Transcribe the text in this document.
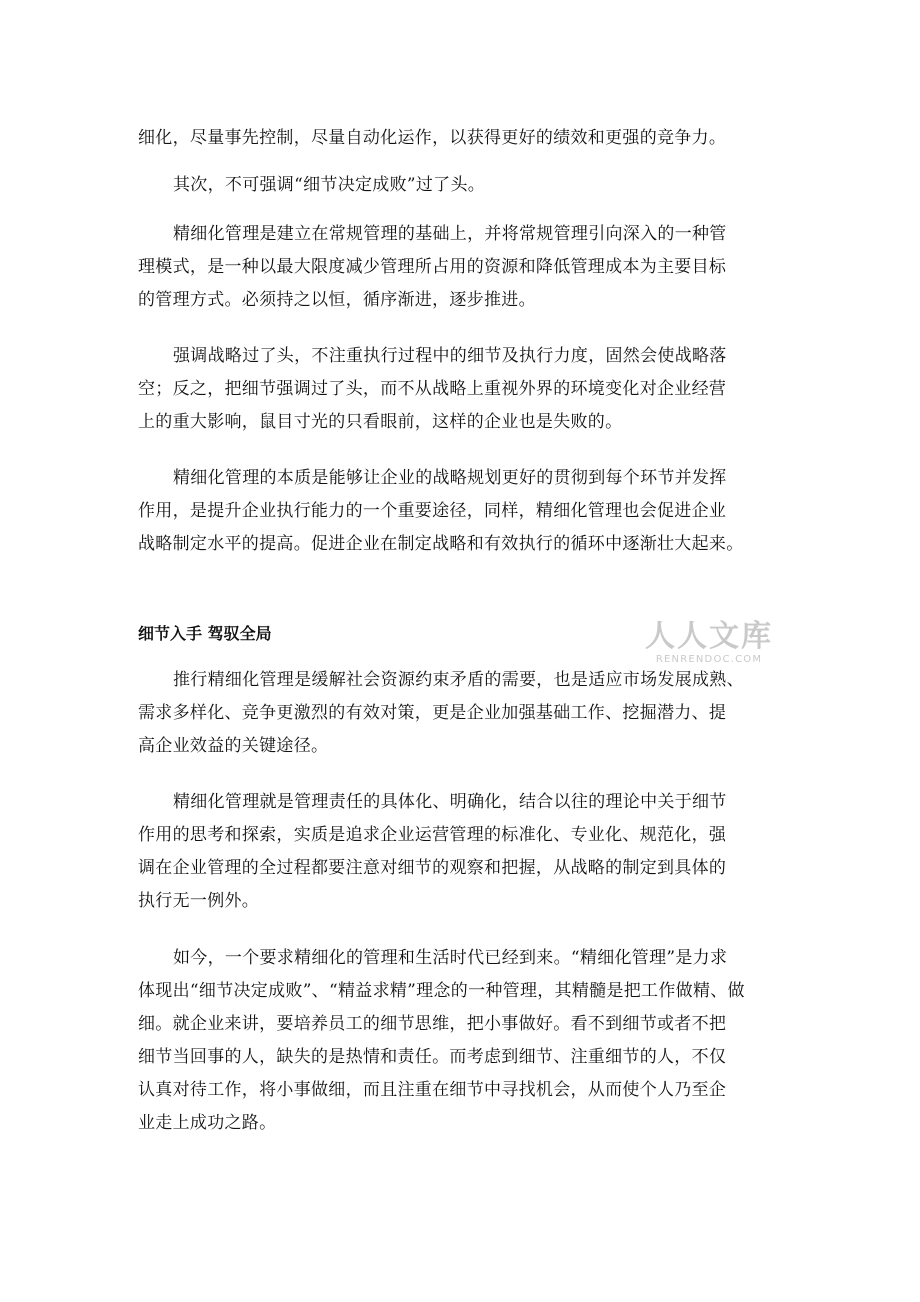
细化，尽量事先控制，尽量自动化运作，以获得更好的绩效和更强的竞争力。

其次，不可强调“细节决定成败”过了头。

精细化管理是建立在常规管理的基础上，并将常规管理引向深入的一种管
理模式，是一种以最大限度减少管理所占用的资源和降低管理成本为主要目标
的管理方式。必须持之以恒，循序渐进，逐步推进。

强调战略过了头，不注重执行过程中的细节及执行力度，固然会使战略落
空；反之，把细节强调过了头，而不从战略上重视外界的环境变化对企业经营
上的重大影响，鼠目寸光的只看眼前，这样的企业也是失败的。

精细化管理的本质是能够让企业的战略规划更好的贯彻到每个环节并发挥
作用，是提升企业执行能力的一个重要途径，同样，精细化管理也会促进企业
战略制定水平的提高。促进企业在制定战略和有效执行的循环中逐渐壮大起来。

细节入手 驾驭全局	人人文库
RENRENDOC.COM

推行精细化管理是缓解社会资源约束矛盾的需要，也是适应市场发展成熟、
需求多样化、竞争更激烈的有效对策，更是企业加强基础工作、挖掘潜力、提
高企业效益的关键途径。

精细化管理就是管理责任的具体化、明确化，结合以往的理论中关于细节
作用的思考和探索，实质是追求企业运营管理的标准化、专业化、规范化，强
调在企业管理的全过程都要注意对细节的观察和把握，从战略的制定到具体的
执行无一例外。

如今，一个要求精细化的管理和生活时代已经到来。“精细化管理”是力求
体现出“细节决定成败”、“精益求精”理念的一种管理，其精髓是把工作做精、做
细。就企业来讲，要培养员工的细节思维，把小事做好。看不到细节或者不把
细节当回事的人，缺失的是热情和责任。而考虑到细节、注重细节的人，不仅
认真对待工作，将小事做细，而且注重在细节中寻找机会，从而使个人乃至企
业走上成功之路。
